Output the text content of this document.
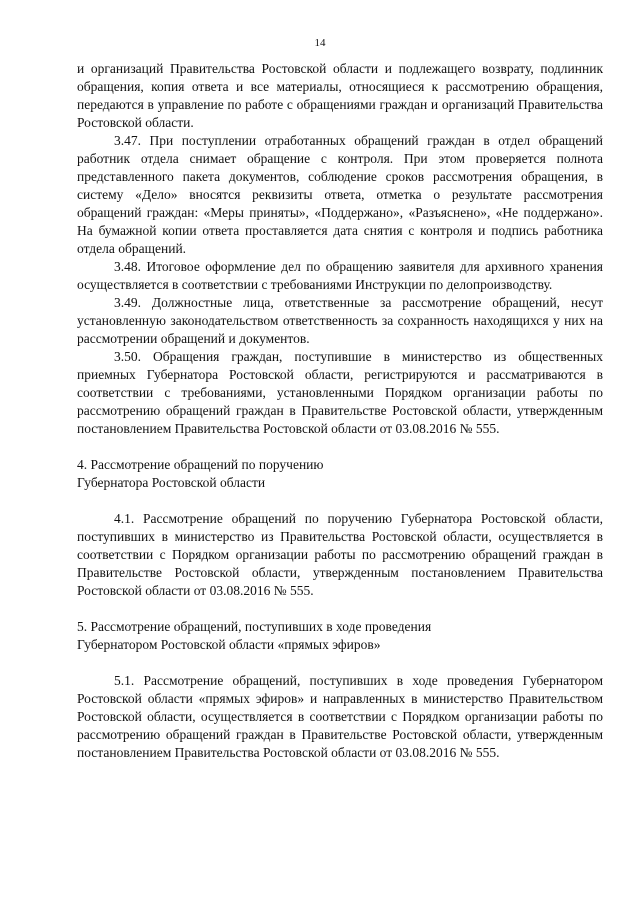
14

и организаций Правительства Ростовской области и подлежащего возврату, подлинник обращения, копия ответа и все материалы, относящиеся к рассмотрению обращения, передаются в управление по работе с обращениями граждан и организаций Правительства Ростовской области.

3.47. При поступлении отработанных обращений граждан в отдел обращений работник отдела снимает обращение с контроля. При этом проверяется полнота представленного пакета документов, соблюдение сроков рассмотрения обращения, в систему «Дело» вносятся реквизиты ответа, отметка о результате рассмотрения обращений граждан: «Меры приняты», «Поддержано», «Разъяснено», «Не поддержано». На бумажной копии ответа проставляется дата снятия с контроля и подпись работника отдела обращений.

3.48. Итоговое оформление дел по обращению заявителя для архивного хранения осуществляется в соответствии с требованиями Инструкции по делопроизводству.

3.49. Должностные лица, ответственные за рассмотрение обращений, несут установленную законодательством ответственность за сохранность находящихся у них на рассмотрении обращений и документов.

3.50. Обращения граждан, поступившие в министерство из общественных приемных Губернатора Ростовской области, регистрируются и рассматриваются в соответствии с требованиями, установленными Порядком организации работы по рассмотрению обращений граждан в Правительстве Ростовской области, утвержденным постановлением Правительства Ростовской области от 03.08.2016 № 555.

4. Рассмотрение обращений по поручению

Губернатора Ростовской области

4.1. Рассмотрение обращений по поручению Губернатора Ростовской области, поступивших в министерство из Правительства Ростовской области, осуществляется в соответствии с Порядком организации работы по рассмотрению обращений граждан в Правительстве Ростовской области, утвержденным постановлением Правительства Ростовской области от 03.08.2016 № 555.

5. Рассмотрение обращений, поступивших в ходе проведения

Губернатором Ростовской области «прямых эфиров»

5.1. Рассмотрение обращений, поступивших в ходе проведения Губернатором Ростовской области «прямых эфиров» и направленных в министерство Правительством Ростовской области, осуществляется в соответствии с Порядком организации работы по рассмотрению обращений граждан в Правительстве Ростовской области, утвержденным постановлением Правительства Ростовской области от 03.08.2016 № 555.
